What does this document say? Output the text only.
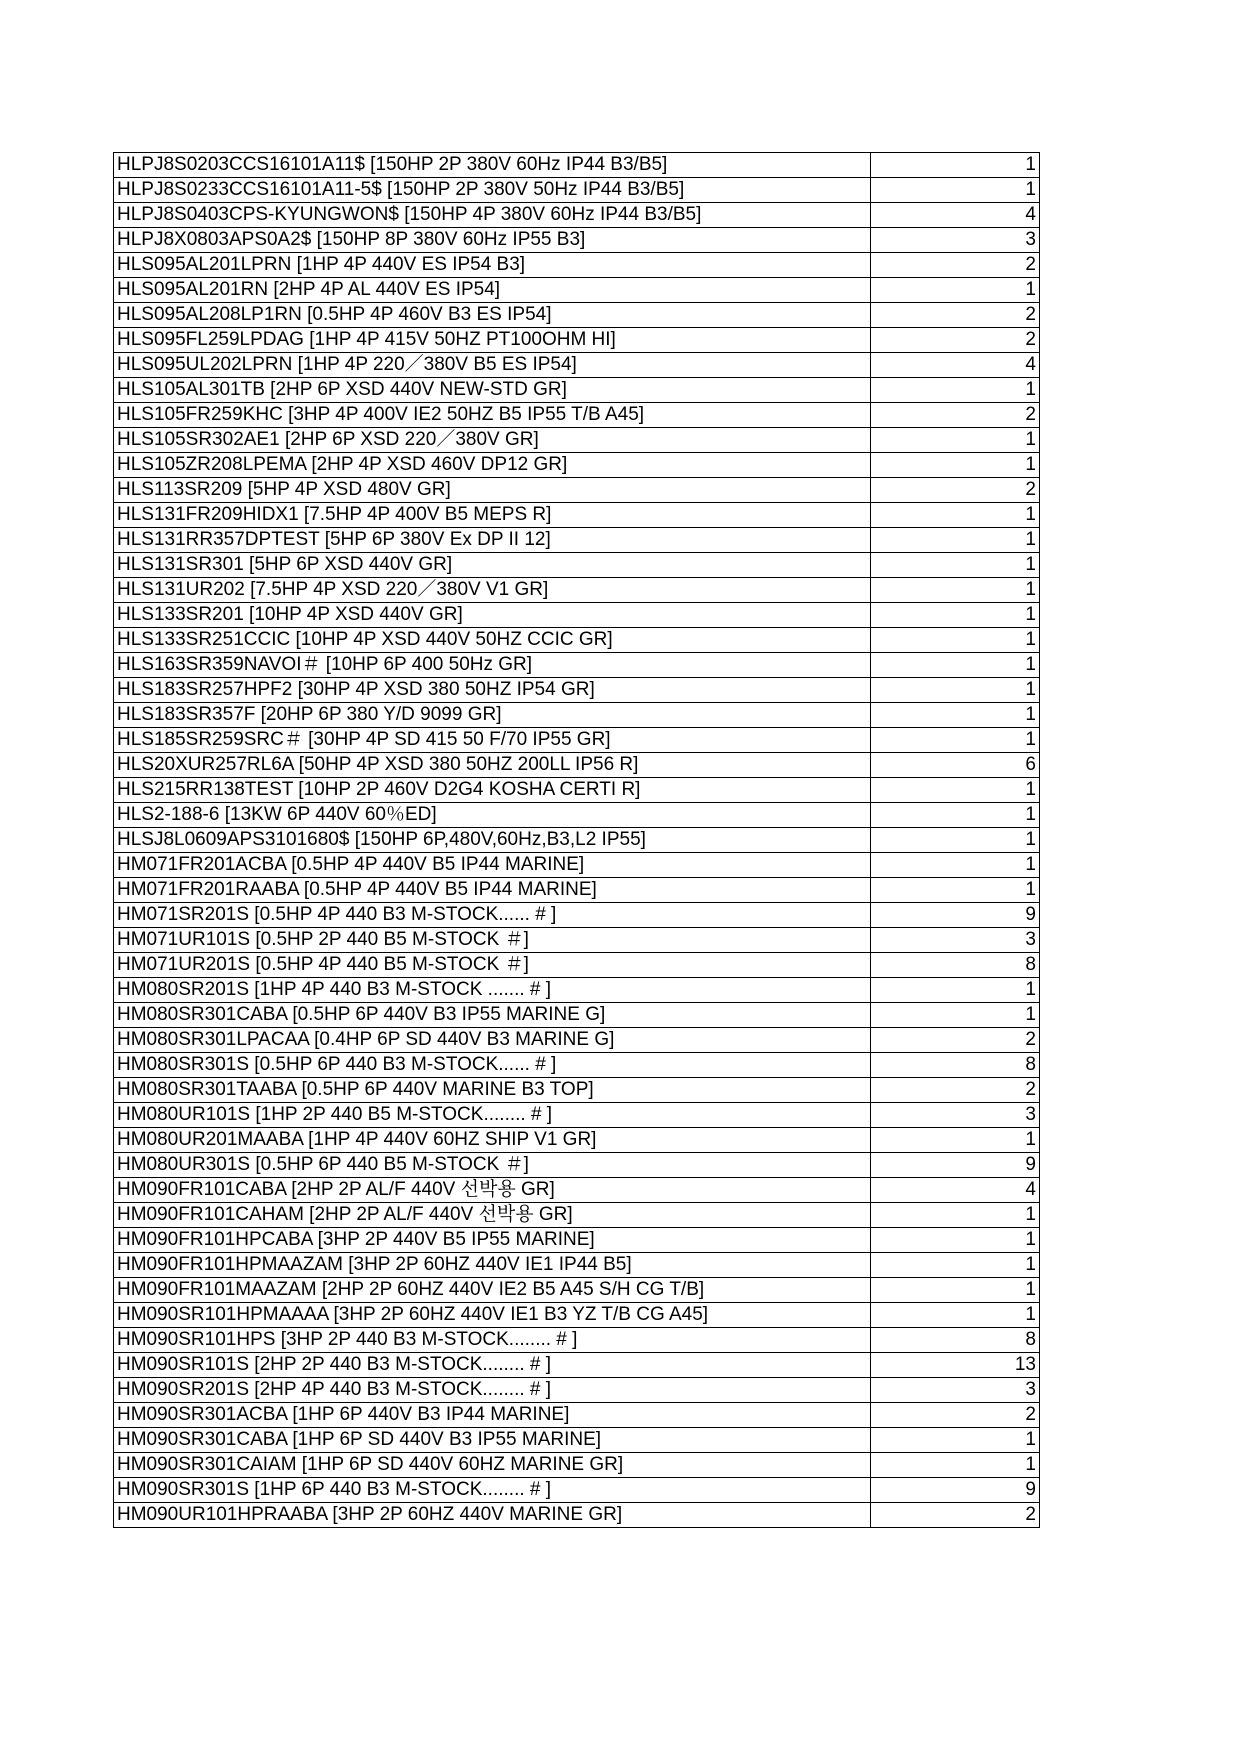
HLPJ8S0203CCS16101A11$ [150HP 2P 380V 60Hz IP44 B3/B5]	1
HLPJ8S0233CCS16101A11-5$ [150HP 2P 380V 50Hz IP44 B3/B5]	1
HLPJ8S0403CPS-KYUNGWON$ [150HP 4P 380V 60Hz IP44 B3/B5]	4
HLPJ8X0803APS0A2$ [150HP 8P 380V 60Hz IP55 B3]	3
HLS095AL201LPRN [1HP 4P 440V ES IP54 B3]	2
HLS095AL201RN [2HP 4P AL 440V ES IP54]	1
HLS095AL208LP1RN [0.5HP 4P 460V B3 ES IP54]	2
HLS095FL259LPDAG [1HP 4P 415V 50HZ PT100OHM HI]	2
HLS095UL202LPRN [1HP 4P 220／380V B5 ES IP54]	4
HLS105AL301TB [2HP 6P XSD 440V NEW-STD GR]	1
HLS105FR259KHC [3HP 4P 400V IE2 50HZ B5 IP55 T/B A45]	2
HLS105SR302AE1 [2HP 6P XSD 220／380V GR]	1
HLS105ZR208LPEMA [2HP 4P XSD 460V DP12 GR]	1
HLS113SR209 [5HP 4P XSD 480V GR]	2
HLS131FR209HIDX1 [7.5HP 4P 400V B5 MEPS R]	1
HLS131RR357DPTEST [5HP 6P 380V Ex DP II 12]	1
HLS131SR301 [5HP 6P XSD 440V GR]	1
HLS131UR202 [7.5HP 4P XSD 220／380V V1 GR]	1
HLS133SR201 [10HP 4P XSD 440V GR]	1
HLS133SR251CCIC [10HP 4P XSD 440V 50HZ CCIC GR]	1
HLS163SR359NAVOI＃ [10HP 6P 400 50Hz GR]	1
HLS183SR257HPF2 [30HP 4P XSD 380 50HZ IP54 GR]	1
HLS183SR357F [20HP 6P 380 Y/D 9099 GR]	1
HLS185SR259SRC＃ [30HP 4P SD 415 50 F/70 IP55 GR]	1
HLS20XUR257RL6A [50HP 4P XSD 380 50HZ 200LL IP56 R]	6
HLS215RR138TEST [10HP 2P 460V D2G4 KOSHA CERTI R]	1
HLS2-188-6 [13KW 6P 440V 60％ED]	1
HLSJ8L0609APS3101680$ [150HP 6P,480V,60Hz,B3,L2 IP55]	1
HM071FR201ACBA [0.5HP 4P 440V B5 IP44 MARINE]	1
HM071FR201RAABA [0.5HP 4P 440V B5 IP44 MARINE]	1
HM071SR201S [0.5HP 4P 440 B3 M-STOCK...... # ]	9
HM071UR101S [0.5HP 2P 440 B5 M-STOCK ＃]	3
HM071UR201S [0.5HP 4P 440 B5 M-STOCK ＃]	8
HM080SR201S [1HP 4P 440 B3 M-STOCK ....... # ]	1
HM080SR301CABA [0.5HP 6P 440V B3 IP55 MARINE G]	1
HM080SR301LPACAA [0.4HP 6P SD 440V B3 MARINE G]	2
HM080SR301S [0.5HP 6P 440 B3 M-STOCK...... # ]	8
HM080SR301TAABA [0.5HP 6P 440V MARINE B3 TOP]	2
HM080UR101S [1HP 2P 440 B5 M-STOCK........ # ]	3
HM080UR201MAABA [1HP 4P 440V 60HZ SHIP V1 GR]	1
HM080UR301S [0.5HP 6P 440 B5 M-STOCK ＃]	9
HM090FR101CABA [2HP 2P AL/F 440V 선박용 GR]	4
HM090FR101CAHAM [2HP 2P AL/F 440V 선박용 GR]	1
HM090FR101HPCABA [3HP 2P 440V B5 IP55 MARINE]	1
HM090FR101HPMAAZAM [3HP 2P 60HZ 440V IE1 IP44 B5]	1
HM090FR101MAAZAM [2HP 2P 60HZ 440V IE2 B5 A45 S/H CG T/B]	1
HM090SR101HPMAAAA [3HP 2P 60HZ 440V IE1 B3 YZ T/B CG A45]	1
HM090SR101HPS [3HP 2P 440 B3 M-STOCK........ # ]	8
HM090SR101S [2HP 2P 440 B3 M-STOCK........ # ]	13
HM090SR201S [2HP 4P 440 B3 M-STOCK........ # ]	3
HM090SR301ACBA [1HP 6P 440V B3 IP44 MARINE]	2
HM090SR301CABA [1HP 6P SD 440V B3 IP55 MARINE]	1
HM090SR301CAIAM [1HP 6P SD 440V 60HZ MARINE GR]	1
HM090SR301S [1HP 6P 440 B3 M-STOCK........ # ]	9
HM090UR101HPRAABA [3HP 2P 60HZ 440V MARINE GR]	2
